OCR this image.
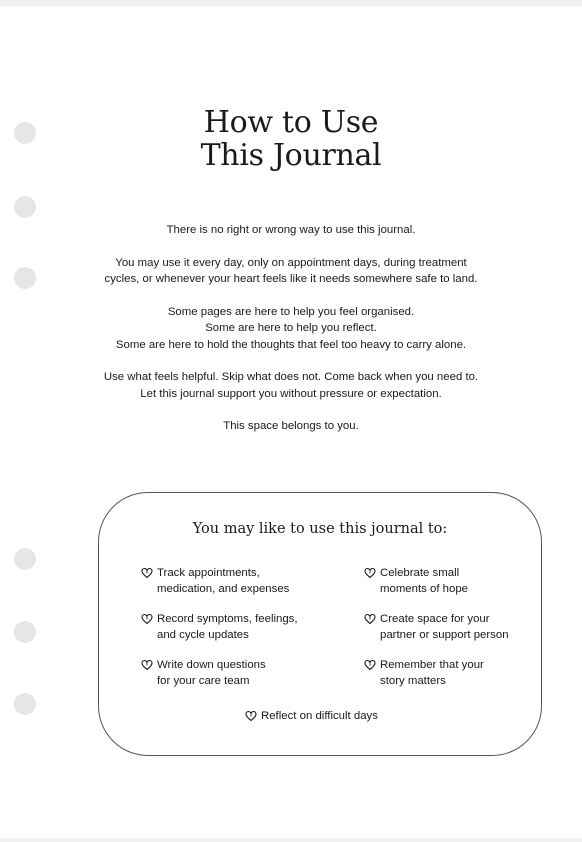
How to Use
This Journal

There is no right or wrong way to use this journal.

You may use it every day, only on appointment days, during treatment
cycles, or whenever your heart feels like it needs somewhere safe to land.

Some pages are here to help you feel organised.
Some are here to help you reflect.
Some are here to hold the thoughts that feel too heavy to carry alone.

Use what feels helpful. Skip what does not. Come back when you need to.
Let this journal support you without pressure or expectation.

This space belongs to you.

You may like to use this journal to:
Track appointments,
medication, and expenses
Celebrate small
moments of hope
Record symptoms, feelings,
and cycle updates
Create space for your
partner or support person
Write down questions
for your care team
Remember that your
story matters
Reflect on difficult days
